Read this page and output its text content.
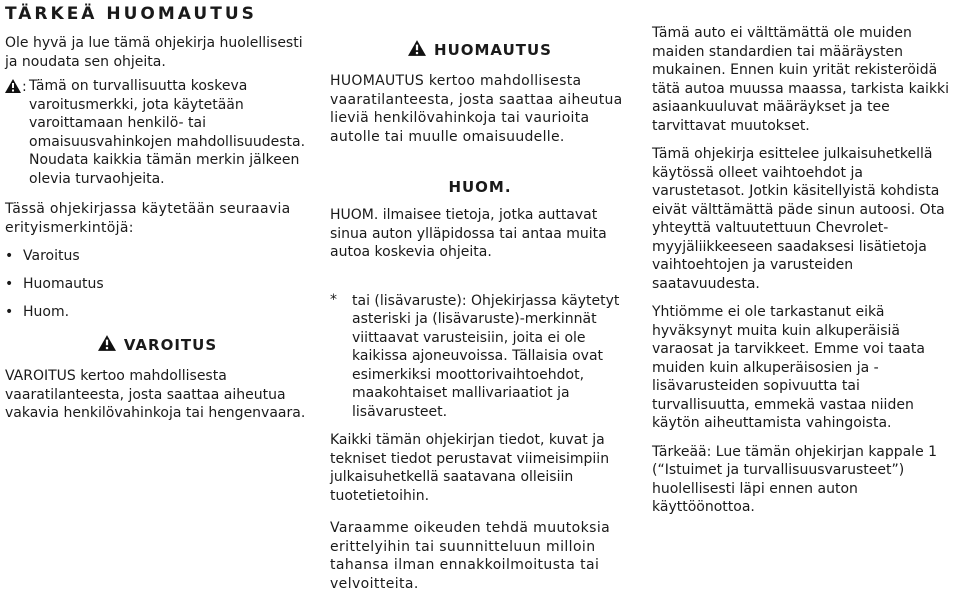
TÄRKEÄ HUOMAUTUS

Ole hyvä ja lue tämä ohjekirja huolellisesti ja noudata sen ohjeita.

: Tämä on turvallisuutta koskeva varoitusmerkki, jota käytetään varoittamaan henkilö- tai omaisuusvahinkojen mahdollisuudesta. Noudata kaikkia tämän merkin jälkeen olevia turvaohjeita.

Tässä ohjekirjassa käytetään seuraavia erityismerkintöjä:

• Varoitus
• Huomautus
• Huom.
VAROITUS
VAROITUS kertoo mahdollisesta vaaratilanteesta, josta saattaa aiheutua vakavia henkilövahinkoja tai hengenvaara.
HUOMAUTUS
HUOMAUTUS kertoo mahdollisesta vaaratilanteesta, josta saattaa aiheutua lieviä henkilövahinkoja tai vaurioita autolle tai muulle omaisuudelle.
HUOM.
HUOM. ilmaisee tietoja, jotka auttavat sinua auton ylläpidossa tai antaa muita autoa koskevia ohjeita.
*	tai (lisävaruste): Ohjekirjassa käytetyt asteriski ja (lisävaruste)-merkinnät viittaavat varusteisiin, joita ei ole kaikissa ajoneuvoissa. Tällaisia ovat esimerkiksi moottorivaihtoehdot, maakohtaiset mallivariaatiot ja lisävarusteet.

Kaikki tämän ohjekirjan tiedot, kuvat ja tekniset tiedot perustavat viimeisimpiin julkaisuhetkellä saatavana olleisiin tuotetietoihin.

Varaamme oikeuden tehdä muutoksia erittelyihin tai suunnitteluun milloin tahansa ilman ennakkoilmoitusta tai velvoitteita.

Tämä auto ei välttämättä ole muiden maiden standardien tai määräysten mukainen. Ennen kuin yrität rekisteröidä tätä autoa muussa maassa, tarkista kaikki asiaankuuluvat määräykset ja tee tarvittavat muutokset.

Tämä ohjekirja esittelee julkaisuhetkellä käytössä olleet vaihtoehdot ja varustetasot. Jotkin käsitellyistä kohdista eivät välttämättä päde sinun autoosi. Ota yhteyttä valtuutettuun Chevrolet-myyjäliikkeeseen saadaksesi lisätietoja vaihtoehtojen ja varusteiden saatavuudesta.

Yhtiömme ei ole tarkastanut eikä hyväksynyt muita kuin alkuperäisiä varaosat ja tarvikkeet. Emme voi taata muiden kuin alkuperäisosien ja -lisävarusteiden sopivuutta tai turvallisuutta, emmekä vastaa niiden käytön aiheuttamista vahingoista.

Tärkeää: Lue tämän ohjekirjan kappale 1 (“Istuimet ja turvallisuusvarusteet”) huolellisesti läpi ennen auton käyttöönottoa.
